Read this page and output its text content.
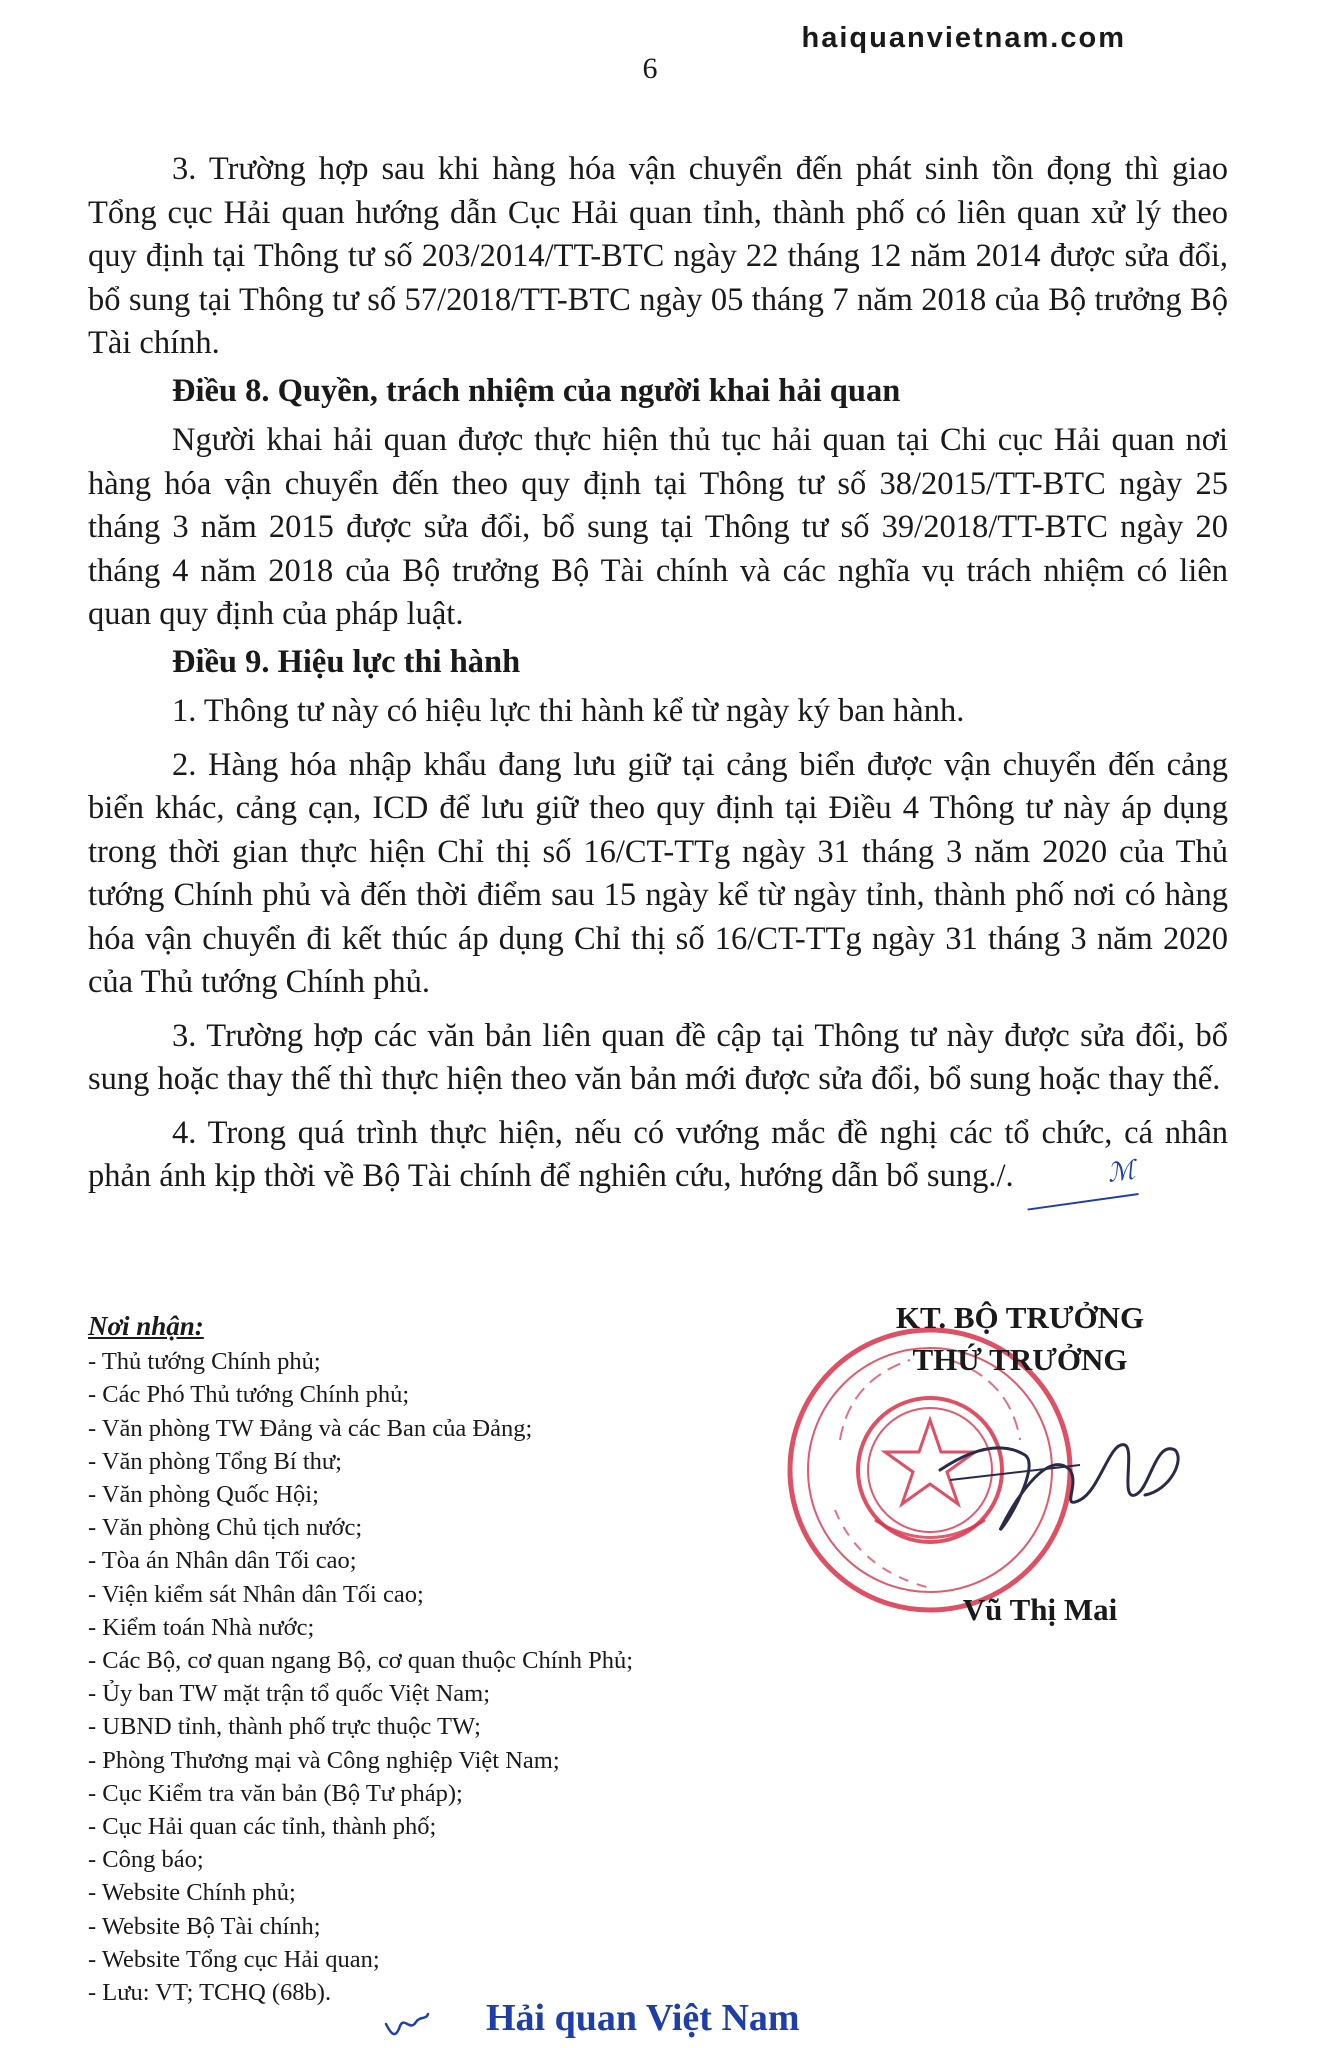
haiquanvietnam.com
6

3. Trường hợp sau khi hàng hóa vận chuyển đến phát sinh tồn đọng thì giao Tổng cục Hải quan hướng dẫn Cục Hải quan tỉnh, thành phố có liên quan xử lý theo quy định tại Thông tư số 203/2014/TT-BTC ngày 22 tháng 12 năm 2014 được sửa đổi, bổ sung tại Thông tư số 57/2018/TT-BTC ngày 05 tháng 7 năm 2018 của Bộ trưởng Bộ Tài chính.

Điều 8. Quyền, trách nhiệm của người khai hải quan

Người khai hải quan được thực hiện thủ tục hải quan tại Chi cục Hải quan nơi hàng hóa vận chuyển đến theo quy định tại Thông tư số 38/2015/TT-BTC ngày 25 tháng 3 năm 2015 được sửa đổi, bổ sung tại Thông tư số 39/2018/TT-BTC ngày 20 tháng 4 năm 2018 của Bộ trưởng Bộ Tài chính và các nghĩa vụ trách nhiệm có liên quan quy định của pháp luật.

Điều 9. Hiệu lực thi hành

1. Thông tư này có hiệu lực thi hành kể từ ngày ký ban hành.

2. Hàng hóa nhập khẩu đang lưu giữ tại cảng biển được vận chuyển đến cảng biển khác, cảng cạn, ICD để lưu giữ theo quy định tại Điều 4 Thông tư này áp dụng trong thời gian thực hiện Chỉ thị số 16/CT-TTg ngày 31 tháng 3 năm 2020 của Thủ tướng Chính phủ và đến thời điểm sau 15 ngày kể từ ngày tỉnh, thành phố nơi có hàng hóa vận chuyển đi kết thúc áp dụng Chỉ thị số 16/CT-TTg ngày 31 tháng 3 năm 2020 của Thủ tướng Chính phủ.

3. Trường hợp các văn bản liên quan đề cập tại Thông tư này được sửa đổi, bổ sung hoặc thay thế thì thực hiện theo văn bản mới được sửa đổi, bổ sung hoặc thay thế.

4. Trong quá trình thực hiện, nếu có vướng mắc đề nghị các tổ chức, cá nhân phản ánh kịp thời về Bộ Tài chính để nghiên cứu, hướng dẫn bổ sung./.	ℳ

Nơi nhận:
- Thủ tướng Chính phủ;
- Các Phó Thủ tướng Chính phủ;
- Văn phòng TW Đảng và các Ban của Đảng;
- Văn phòng Tổng Bí thư;
- Văn phòng Quốc Hội;
- Văn phòng Chủ tịch nước;
- Tòa án Nhân dân Tối cao;
- Viện kiểm sát Nhân dân Tối cao;
- Kiểm toán Nhà nước;
- Các Bộ, cơ quan ngang Bộ, cơ quan thuộc Chính Phủ;
- Ủy ban TW mặt trận tổ quốc Việt Nam;
- UBND tỉnh, thành phố trực thuộc TW;
- Phòng Thương mại và Công nghiệp Việt Nam;
- Cục Kiểm tra văn bản (Bộ Tư pháp);
- Cục Hải quan các tỉnh, thành phố;
- Công báo;
- Website Chính phủ;
- Website Bộ Tài chính;
- Website Tổng cục Hải quan;
- Lưu: VT; TCHQ (68b).
KT. BỘ TRƯỞNG
THỨ TRƯỞNG
Vũ Thị Mai
Hải quan Việt Nam
